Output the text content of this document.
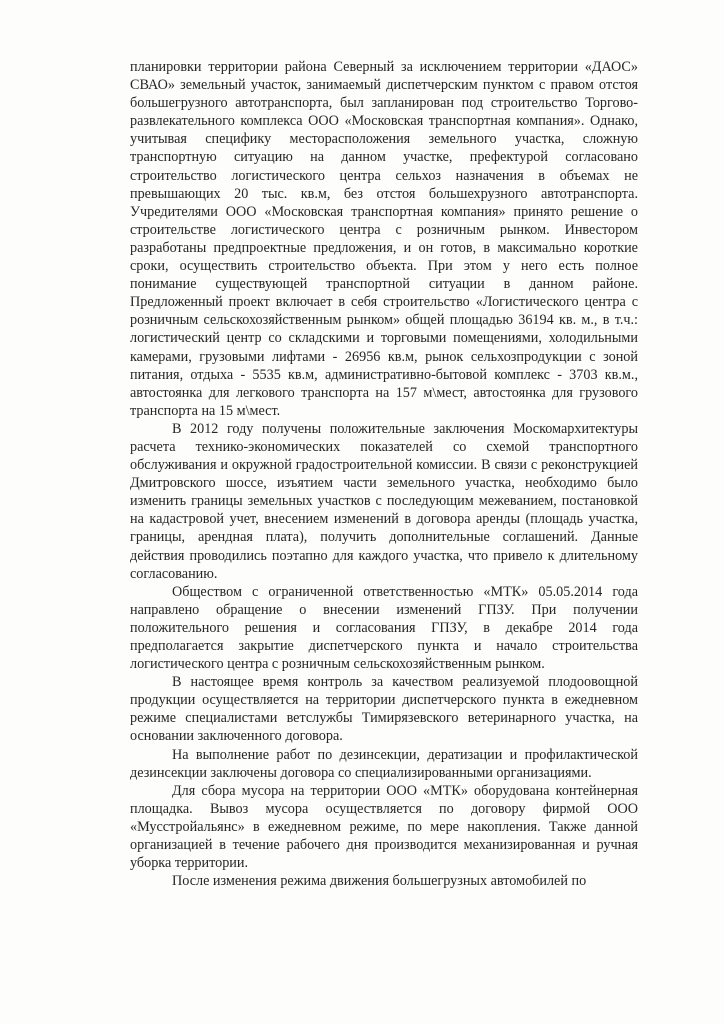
планировки территории района Северный за исключением территории «ДАОС» СВАО» земельный участок, занимаемый диспетчерским пунктом с правом отстоя большегрузного автотранспорта, был запланирован под строительство Торгово-развлекательного комплекса ООО «Московская транспортная компания». Однако, учитывая специфику месторасположения земельного участка, сложную транспортную ситуацию на данном участке, префектурой согласовано строительство логистического центра сельхоз назначения в объемах не превышающих 20 тыс. кв.м, без отстоя большехрузного автотранспорта. Учредителями ООО «Московская транспортная компания» принято решение о строительстве логистического центра с розничным рынком. Инвестором разработаны предпроектные предложения, и он готов, в максимально короткие сроки, осуществить строительство объекта. При этом у него есть полное понимание существующей транспортной ситуации в данном районе. Предложенный проект включает в себя строительство «Логистического центра с розничным сельскохозяйственным рынком» общей площадью 36194 кв. м., в т.ч.: логистический центр со складскими и торговыми помещениями, холодильными камерами, грузовыми лифтами - 26956 кв.м, рынок сельхозпродукции с зоной питания, отдыха - 5535 кв.м, административно-бытовой комплекс - 3703 кв.м., автостоянка для легкового транспорта на 157 м\мест, автостоянка для грузового транспорта на 15 м\мест.

В 2012 году получены положительные заключения Москомархитектуры расчета технико-экономических показателей со схемой транспортного обслуживания и окружной градостроительной комиссии. В связи с реконструкцией Дмитровского шоссе, изъятием части земельного участка, необходимо было изменить границы земельных участков с последующим межеванием, постановкой на кадастровой учет, внесением изменений в договора аренды (площадь участка, границы, арендная плата), получить дополнительные соглашений. Данные действия проводились поэтапно для каждого участка, что привело к длительному согласованию.

Обществом с ограниченной ответственностью «МТК» 05.05.2014 года направлено обращение о внесении изменений ГПЗУ. При получении положительного решения и согласования ГПЗУ, в декабре 2014 года предполагается закрытие диспетчерского пункта и начало строительства логистического центра с розничным сельскохозяйственным рынком.

В настоящее время контроль за качеством реализуемой плодоовощной продукции осуществляется на территории диспетчерского пункта в ежедневном режиме специалистами ветслужбы Тимирязевского ветеринарного участка, на основании заключенного договора.

На выполнение работ по дезинсекции, дератизации и профилактической дезинсекции заключены договора со специализированными организациями.

Для сбора мусора на территории ООО «МТК» оборудована контейнерная площадка. Вывоз мусора осуществляется по договору фирмой ООО «Мусстройальянс» в ежедневном режиме, по мере накопления. Также данной организацией в течение рабочего дня производится механизированная и ручная уборка территории.

После изменения режима движения большегрузных автомобилей по
